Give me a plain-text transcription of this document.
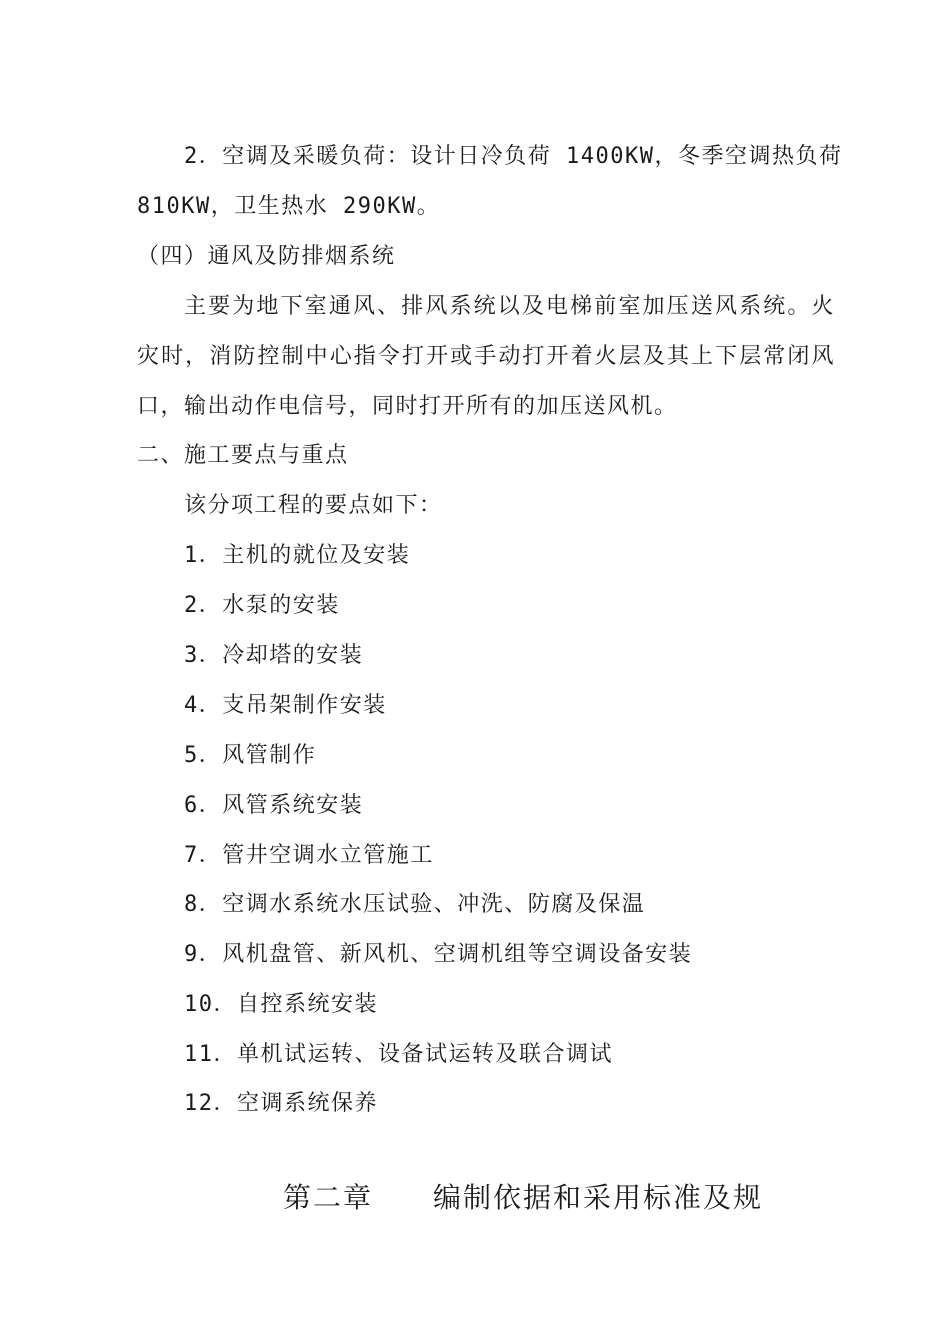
2．空调及采暖负荷：设计日冷负荷 1400KW，冬季空调热负荷
810KW，卫生热水 290KW。
（四）通风及防排烟系统
主要为地下室通风、排风系统以及电梯前室加压送风系统。火
灾时，消防控制中心指令打开或手动打开着火层及其上下层常闭风
口，输出动作电信号，同时打开所有的加压送风机。
二、施工要点与重点
该分项工程的要点如下：
1．主机的就位及安装
2．水泵的安装
3．冷却塔的安装
4．支吊架制作安装
5．风管制作
6．风管系统安装
7．管井空调水立管施工
8．空调水系统水压试验、冲洗、防腐及保温
9．风机盘管、新风机、空调机组等空调设备安装
10．自控系统安装
11．单机试运转、设备试运转及联合调试
12．空调系统保养
第二章 编制依据和采用标准及规
